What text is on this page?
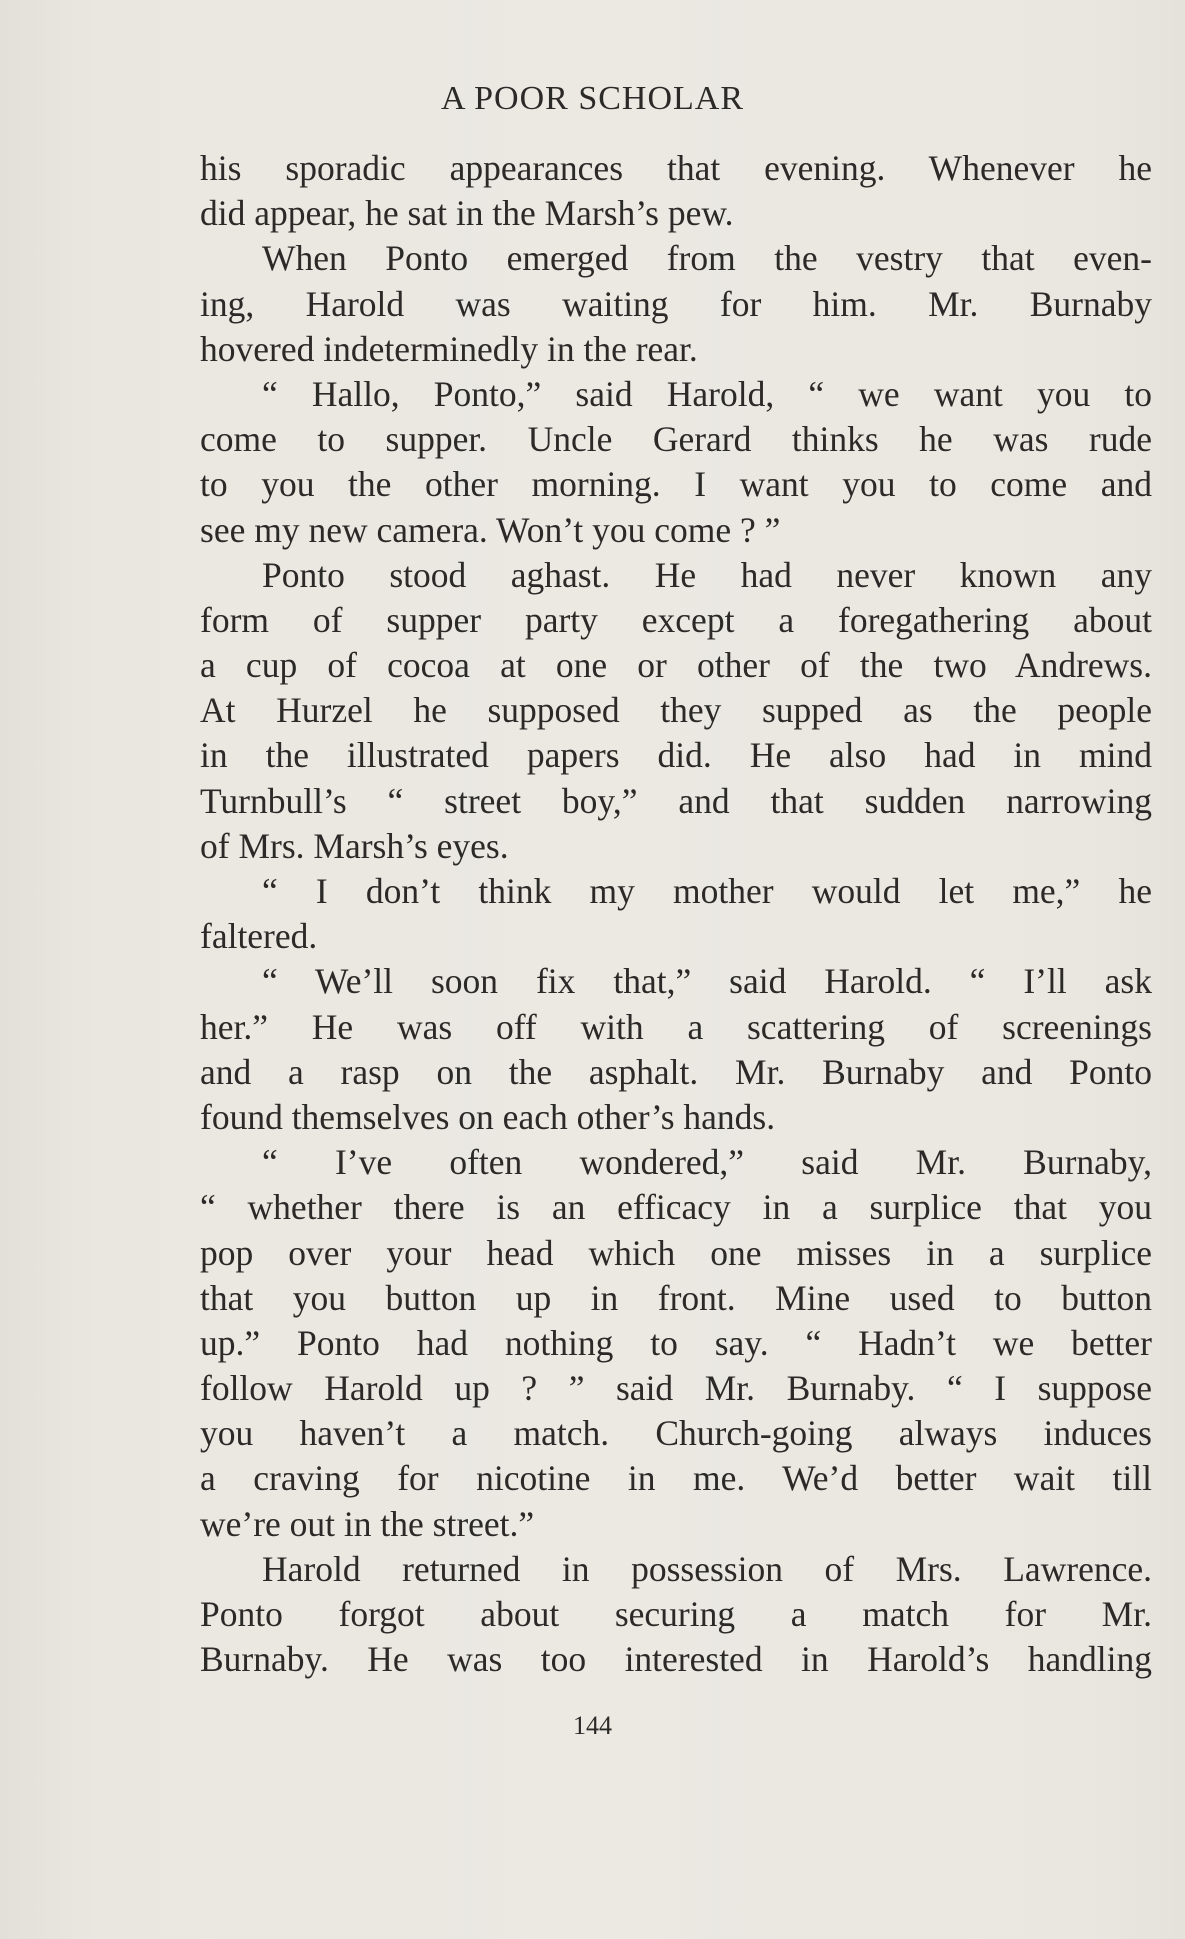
A POOR SCHOLAR
his sporadic appearances that evening. Whenever he
did appear, he sat in the Marsh’s pew.
When Ponto emerged from the vestry that even-
ing, Harold was waiting for him. Mr. Burnaby
hovered indeterminedly in the rear.
“ Hallo, Ponto,” said Harold, “ we want you to
come to supper. Uncle Gerard thinks he was rude
to you the other morning. I want you to come and
see my new camera. Won’t you come ? ”
Ponto stood aghast. He had never known any
form of supper party except a foregathering about
a cup of cocoa at one or other of the two Andrews.
At Hurzel he supposed they supped as the people
in the illustrated papers did. He also had in mind
Turnbull’s “ street boy,” and that sudden narrowing
of Mrs. Marsh’s eyes.
“ I don’t think my mother would let me,” he
faltered.
“ We’ll soon fix that,” said Harold. “ I’ll ask
her.” He was off with a scattering of screenings
and a rasp on the asphalt. Mr. Burnaby and Ponto
found themselves on each other’s hands.
“ I’ve often wondered,” said Mr. Burnaby,
“ whether there is an efficacy in a surplice that you
pop over your head which one misses in a surplice
that you button up in front. Mine used to button
up.” Ponto had nothing to say. “ Hadn’t we better
follow Harold up ? ” said Mr. Burnaby. “ I suppose
you haven’t a match. Church-going always induces
a craving for nicotine in me. We’d better wait till
we’re out in the street.”
Harold returned in possession of Mrs. Lawrence.
Ponto forgot about securing a match for Mr.
Burnaby. He was too interested in Harold’s handling
144
